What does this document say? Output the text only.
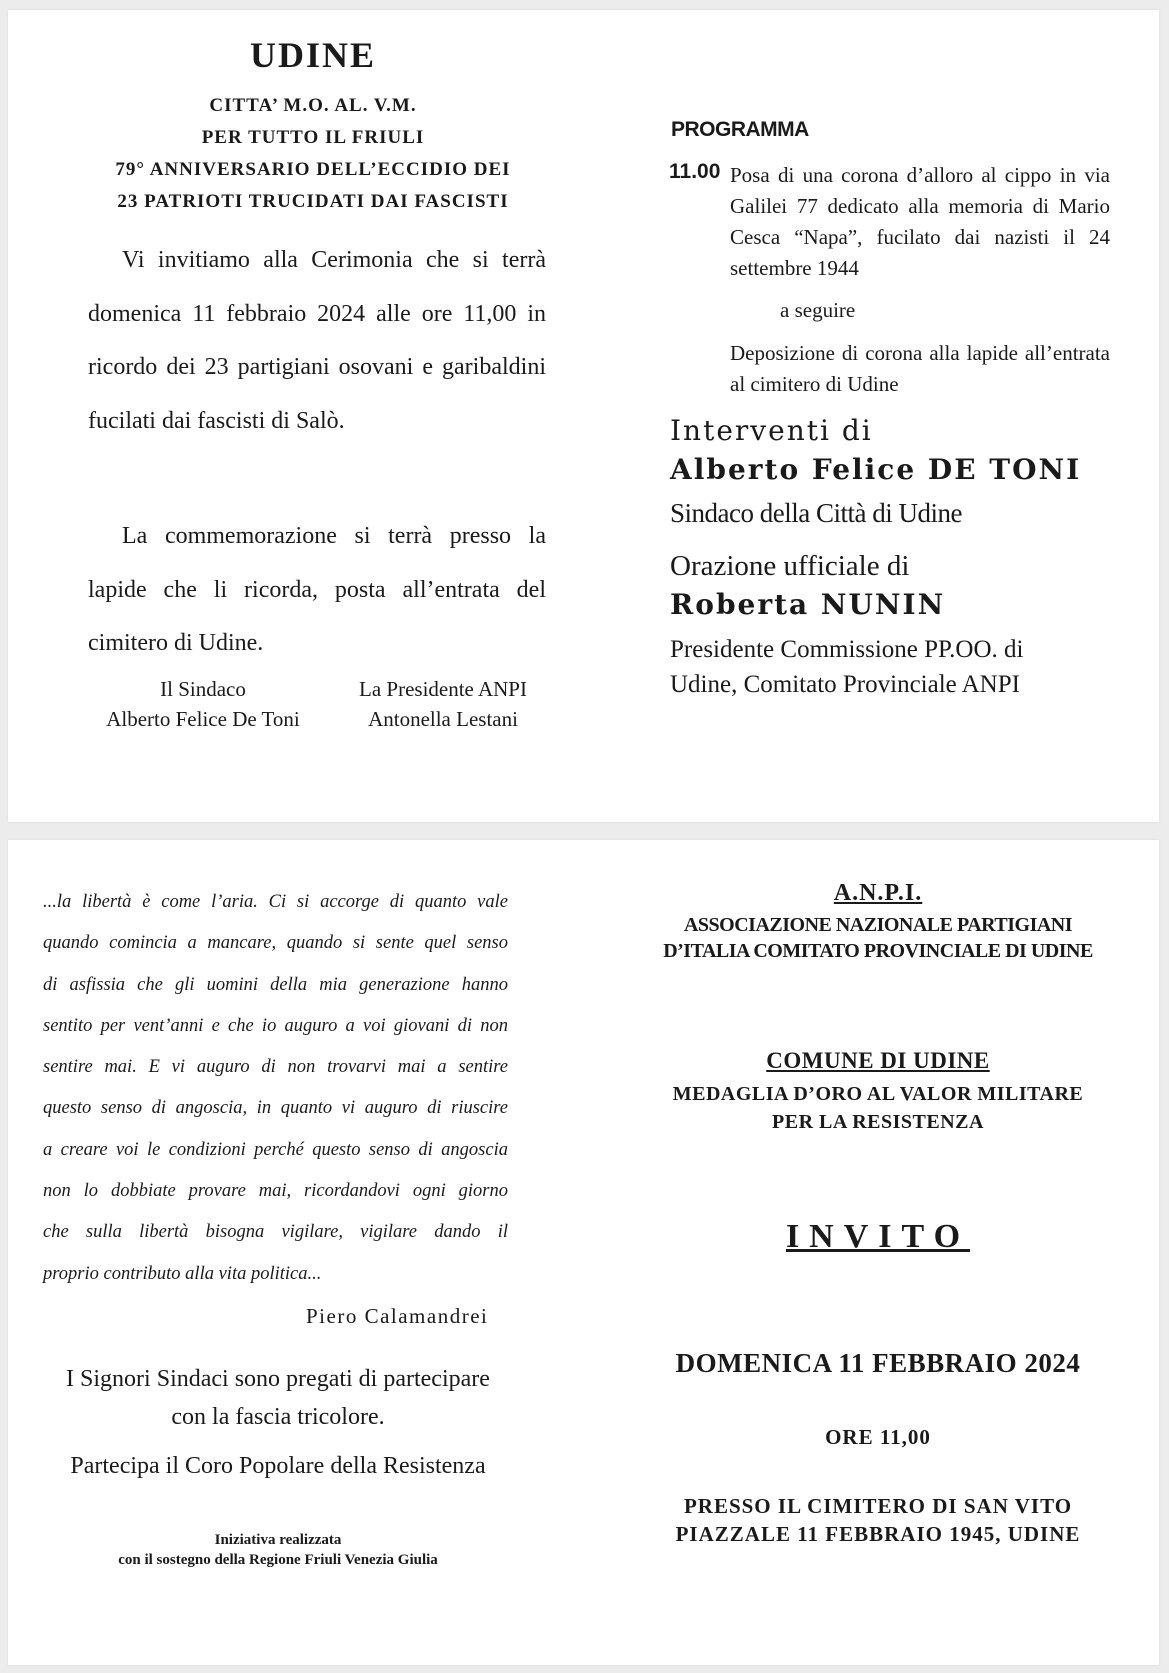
UDINE
CITTA’ M.O. AL. V.M.
PER TUTTO IL FRIULI
79° ANNIVERSARIO DELL’ECCIDIO DEI
23 PATRIOTI TRUCIDATI DAI FASCISTI
Vi invitiamo alla Cerimonia che si terrà domenica 11 febbraio 2024 alle ore 11,00 in ricordo dei 23 partigiani osovani e garibaldini fucilati dai fascisti di Salò.
La commemorazione si terrà presso la lapide che li ricorda, posta all’entrata del cimitero di Udine.
Il Sindaco
Alberto Felice De Toni
La Presidente ANPI
Antonella Lestani
PROGRAMMA
11.00 Posa di una corona d’alloro al cippo in via Galilei 77 dedicato alla memoria di Mario Cesca “Napa”, fucilato dai nazisti il 24 settembre 1944
a seguire
Deposizione di corona alla lapide all’entrata al cimitero di Udine
Interventi di
Alberto Felice DE TONI
Sindaco della Città di Udine
Orazione ufficiale di
Roberta NUNIN
Presidente Commissione PP.OO. di
Udine, Comitato Provinciale ANPI
...la libertà è come l’aria. Ci si accorge di quanto vale
quando comincia a mancare, quando si sente quel senso
di asfissia che gli uomini della mia generazione hanno
sentito per vent’anni e che io auguro a voi giovani di non
sentire mai. E vi auguro di non trovarvi mai a sentire
questo senso di angoscia, in quanto vi auguro di riuscire
a creare voi le condizioni perché questo senso di angoscia
non lo dobbiate provare mai, ricordandovi ogni giorno
che sulla libertà bisogna vigilare, vigilare dando il
proprio contributo alla vita politica...
Piero Calamandrei
I Signori Sindaci sono pregati di partecipare
con la fascia tricolore.
Partecipa il Coro Popolare della Resistenza
Iniziativa realizzata
con il sostegno della Regione Friuli Venezia Giulia
A.N.P.I.
ASSOCIAZIONE NAZIONALE PARTIGIANI
D’ITALIA COMITATO PROVINCIALE DI UDINE
COMUNE DI UDINE
MEDAGLIA D’ORO AL VALOR MILITARE
PER LA RESISTENZA
INVITO
DOMENICA 11 FEBBRAIO 2024
ORE 11,00
PRESSO IL CIMITERO DI SAN VITO
PIAZZALE 11 FEBBRAIO 1945, UDINE
